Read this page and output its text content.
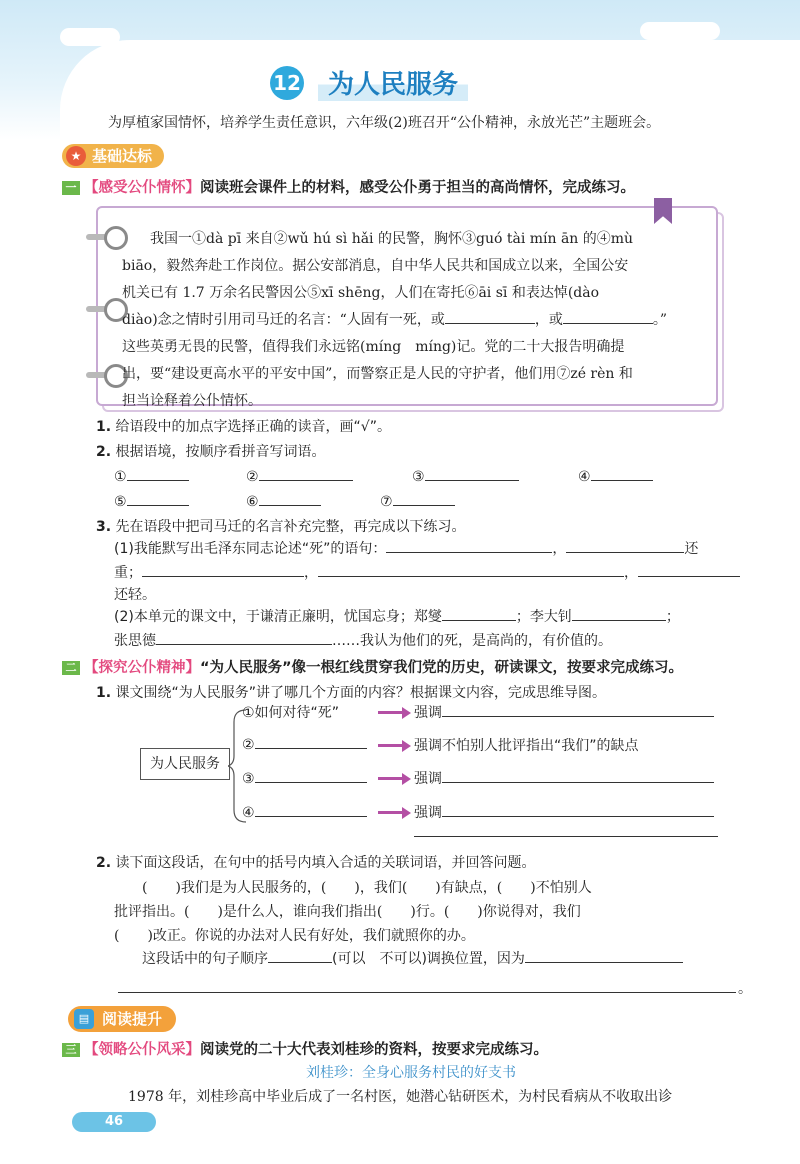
12 为人民服务
为厚植家国情怀，培养学生责任意识，六年级(2)班召开“公仆精神，永放光芒”主题班会。
★ 基础达标
一 【感受公仆情怀】阅读班会课件上的材料，感受公仆勇于担当的高尚情怀，完成练习。
我国一①dà pī 来自②wǔ hú sì hǎi 的民警，胸怀③guó tài mín ān 的④mù
biāo，毅然奔赴工作岗位。据公安部消息，自中华人民共和国成立以来，全国公安
机关已有 1.7 万余名民警因公⑤xī shēng，人们在寄托⑥āi sī 和表达悼(dào
diào)念之情时引用司马迁的名言：“人固有一死，或	，或	。”
这些英勇无畏的民警，值得我们永远铭(míng　míng)记。党的二十大报告明确提
出，要“建设更高水平的平安中国”，而警察正是人民的守护者，他们用⑦zé rèn 和
担当诠释着公仆情怀。
1. 给语段中的加点字选择正确的读音，画“√”。
2. 根据语境，按顺序看拼音写词语。
①	②	③	④
⑤	⑥	⑦
3. 先在语段中把司马迁的名言补充完整，再完成以下练习。
(1)我能默写出毛泽东同志论述“死”的语句：	，	还
重；	，	，
还轻。
(2)本单元的课文中，于谦清正廉明，忧国忘身；郑燮	；李大钊	；
张思德	……我认为他们的死，是高尚的，有价值的。
二 【探究公仆精神】“为人民服务”像一根红线贯穿我们党的历史，研读课文，按要求完成练习。
1. 课文围绕“为人民服务”讲了哪几个方面的内容？根据课文内容，完成思维导图。
为人民服务
①如何对待“死”	强调
②	强调不怕别人批评指出“我们”的缺点
③	强调
④	强调
2. 读下面这段话，在句中的括号内填入合适的关联词语，并回答问题。
(　　)我们是为人民服务的，(　　)，我们(　　)有缺点，(　　)不怕别人
批评指出。(　　)是什么人，谁向我们指出(　　)行。(　　)你说得对，我们
(　　)改正。你说的办法对人民有好处，我们就照你的办。
这段话中的句子顺序	(可以　不可以)调换位置，因为
。
▤ 阅读提升
三 【领略公仆风采】阅读党的二十大代表刘桂珍的资料，按要求完成练习。
刘桂珍：全身心服务村民的好支书
1978 年，刘桂珍高中毕业后成了一名村医，她潜心钻研医术，为村民看病从不收取出诊
46
